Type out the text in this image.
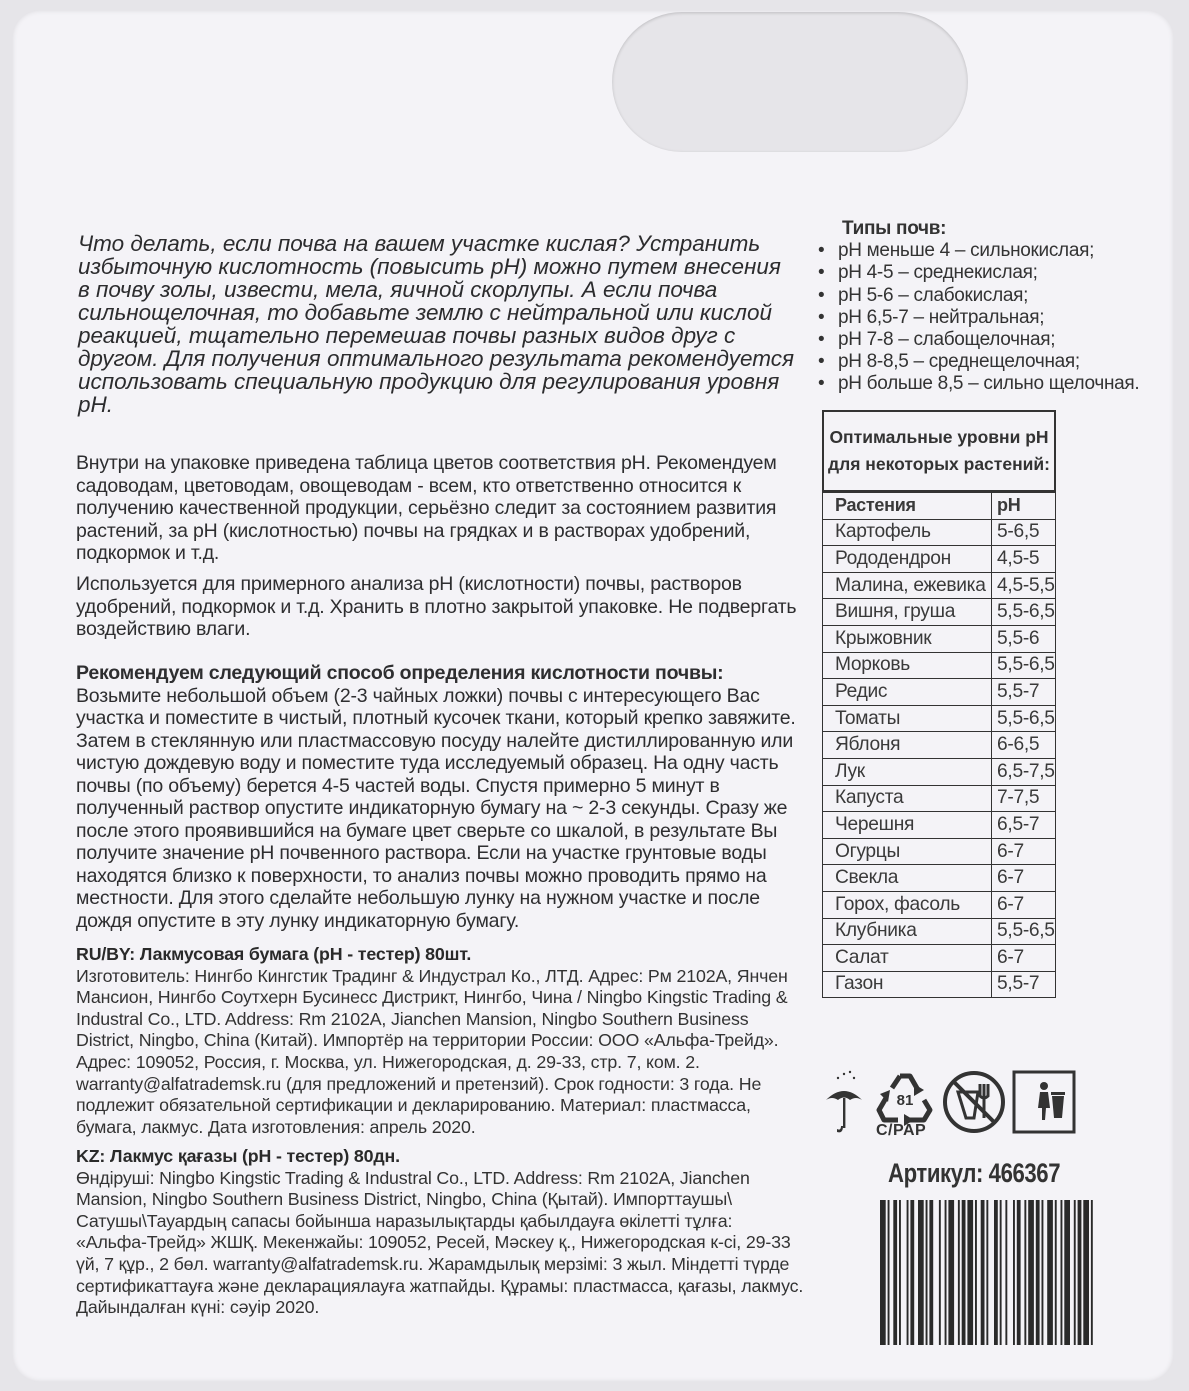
Что делать, если почва на вашем участке кислая? Устранить избыточную кислотность (повысить pH) можно путем внесения в почву золы, извести, мела, яичной скорлупы. А если почва сильнощелочная, то добавьте землю с нейтральной или кислой реакцией, тщательно перемешав почвы разных видов друг с другом. Для получения оптимального результата рекомендуется использовать специальную продукцию для регулирования уровня pH.

Внутри на упаковке приведена таблица цветов соответствия pH. Рекомендуем садоводам, цветоводам, овощеводам - всем, кто ответственно относится к получению качественной продукции, серьёзно следит за состоянием развития растений, за pH (кислотностью) почвы на грядках и в растворах удобрений, подкормок и т.д.

Используется для примерного анализа pH (кислотности) почвы, растворов удобрений, подкормок и т.д. Хранить в плотно закрытой упаковке. Не подвергать воздействию влаги.

Рекомендуем следующий способ определения кислотности почвы: Возьмите небольшой объем (2-3 чайных ложки) почвы с интересующего Вас участка и поместите в чистый, плотный кусочек ткани, который крепко завяжите. Затем в стеклянную или пластмассовую посуду налейте дистиллированную или чистую дождевую воду и поместите туда исследуемый образец. На одну часть почвы (по объему) берется 4-5 частей воды. Спустя примерно 5 минут в полученный раствор опустите индикаторную бумагу на ~ 2-3 секунды. Сразу же после этого проявившийся на бумаге цвет сверьте со шкалой, в результате Вы получите значение pH почвенного раствора. Если на участке грунтовые воды находятся близко к поверхности, то анализ почвы можно проводить прямо на местности. Для этого сделайте небольшую лунку на нужном участке и после дождя опустите в эту лунку индикаторную бумагу.

RU/BY: Лакмусовая бумага (pH - тестер) 80шт.
Изготовитель: Нингбо Кингстик Традинг & Индустрал Ко., ЛТД. Адрес: Рм 2102А, Янчен Мансион, Нингбо Соутхерн Бусинесс Дистрикт, Нингбо, Чина / Ningbo Kingstic Trading & Industral Co., LTD. Address: Rm 2102A, Jianchen Mansion, Ningbo Southern Business District, Ningbo, China (Китай). Импортёр на территории России: ООО «Альфа-Трейд». Адрес: 109052, Россия, г. Москва, ул. Нижегородская, д. 29-33, стр. 7, ком. 2. warranty@alfatrademsk.ru (для предложений и претензий). Срок годности: 3 года. Не подлежит обязательной сертификации и декларированию. Материал: пластмасса, бумага, лакмус. Дата изготовления: апрель 2020.

KZ: Лакмус қағазы (pH - тестер) 80дн.
Өндіруші: Ningbo Kingstic Trading & Industral Co., LTD. Address: Rm 2102A, Jianchen Mansion, Ningbo Southern Business District, Ningbo, China (Қытай). Импорттаушы\ Сатушы\Тауардың сапасы бойынша наразылықтарды қабылдауға өкілетті тұлға: «Альфа-Трейд» ЖШҚ. Мекенжайы: 109052, Ресей, Мәскеу қ., Нижегородская к-сі, 29-33 үй, 7 құр., 2 бөл. warranty@alfatrademsk.ru. Жарамдылық мерзімі: 3 жыл. Міндетті түрде сертификаттауға және декларациялауға жатпайды. Құрамы: пластмасса, қағазы, лакмус. Дайындалған күні: сәуір 2020.

Типы почв:
• pH меньше 4 – сильнокислая;
• pH 4-5 – среднекислая;
• pH 5-6 – слабокислая;
• pH 6,5-7 – нейтральная;
• pH 7-8 – слабощелочная;
• pH 8-8,5 – среднещелочная;
• pH больше 8,5 – сильно щелочная.
Оптимальные уровни pH
для некоторых растений:
Растения	pH
Картофель	5-6,5
Рододендрон	4,5-5
Малина, ежевика	4,5-5,5
Вишня, груша	5,5-6,5
Крыжовник	5,5-6
Морковь	5,5-6,5
Редис	5,5-7
Томаты	5,5-6,5
Яблоня	6-6,5
Лук	6,5-7,5
Капуста	7-7,5
Черешня	6,5-7
Огурцы	6-7
Свекла	6-7
Горох, фасоль	6-7
Клубника	5,5-6,5
Салат	6-7
Газон	5,5-7
81
C/PAP
Артикул: 466367
